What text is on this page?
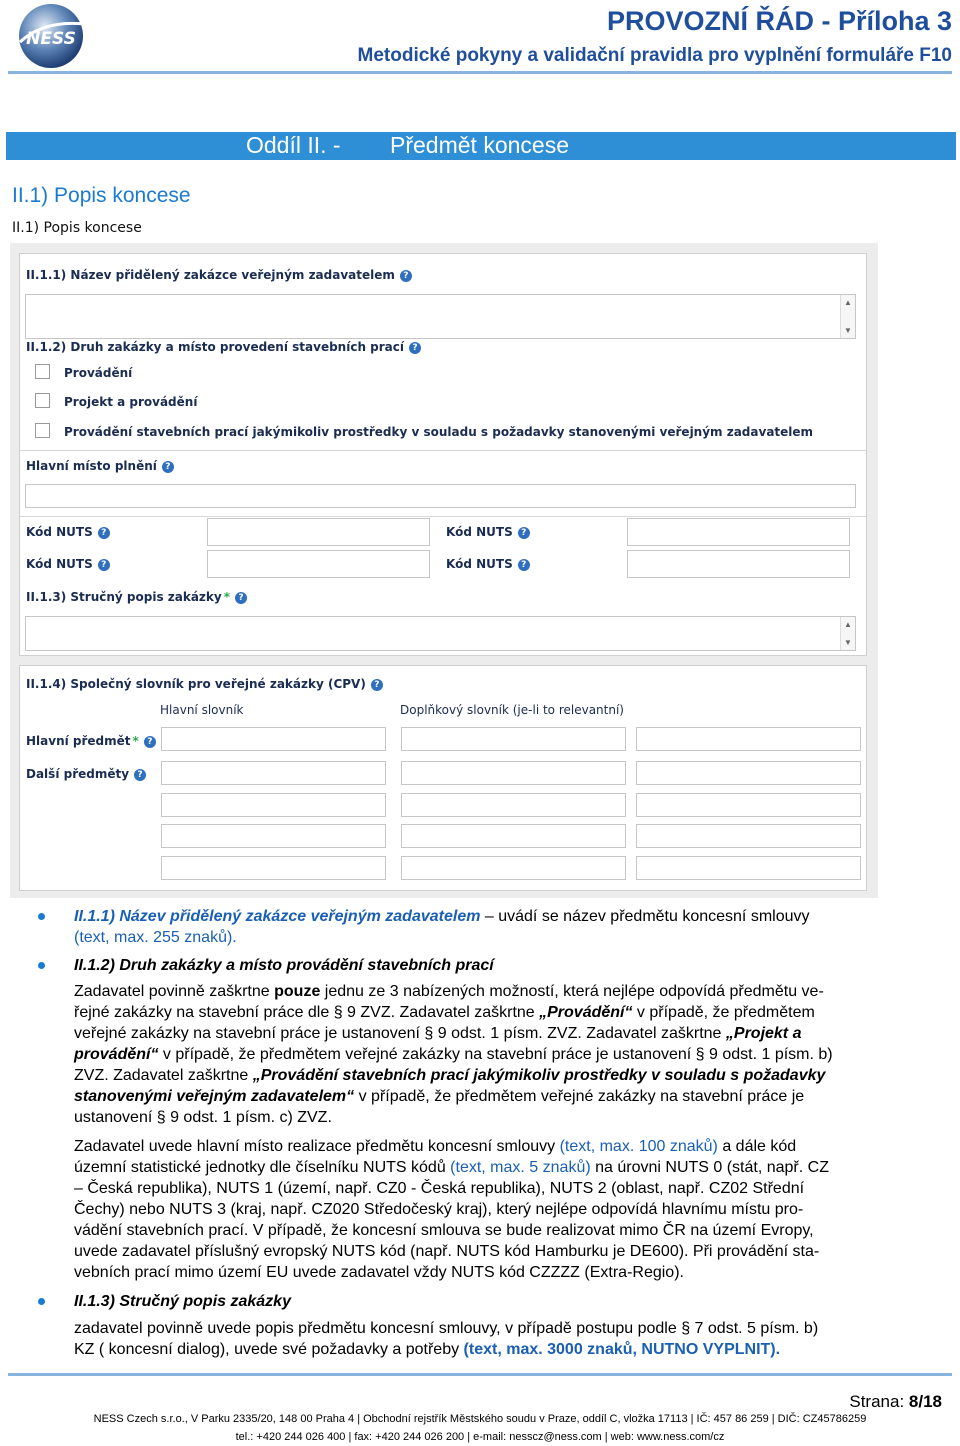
NESS
PROVOZNÍ ŘÁD - Příloha 3
Metodické pokyny a validační pravidla pro vyplnění formuláře F10
Oddíl II. - Předmět koncese
II.1) Popis koncese
II.1) Popis koncese
II.1.1) Název přidělený zakázce veřejným zadavatelem ?
▲
▼
II.1.2) Druh zakázky a místo provedení stavebních prací ?
Provádění
Projekt a provádění
Provádění stavebních prací jakýmikoliv prostředky v souladu s požadavky stanovenými veřejným zadavatelem
Hlavní místo plnění ?
Kód NUTS ?	Kód NUTS ?
Kód NUTS ?	Kód NUTS ?
II.1.3) Stručný popis zakázky * ?
▲
▼
II.1.4) Společný slovník pro veřejné zakázky (CPV) ?
Hlavní slovník	Doplňkový slovník (je-li to relevantní)
Hlavní předmět * ?
Další předměty ?
II.1.1) Název přidělený zakázce veřejným zadavatelem – uvádí se název předmětu koncesní smlouvy
(text, max. 255 znaků).
II.1.2) Druh zakázky a místo provádění stavebních prací
Zadavatel povinně zaškrtne pouze jednu ze 3 nabízených možností, která nejlépe odpovídá předmětu ve-
řejné zakázky na stavební práce dle § 9 ZVZ. Zadavatel zaškrtne „Provádění“ v případě, že předmětem
veřejné zakázky na stavební práce je ustanovení § 9 odst. 1 písm. ZVZ. Zadavatel zaškrtne „Projekt a
provádění“ v případě, že předmětem veřejné zakázky na stavební práce je ustanovení § 9 odst. 1 písm. b)
ZVZ. Zadavatel zaškrtne „Provádění stavebních prací jakýmikoliv prostředky v souladu s požadavky
stanovenými veřejným zadavatelem“ v případě, že předmětem veřejné zakázky na stavební práce je
ustanovení § 9 odst. 1 písm. c) ZVZ.
Zadavatel uvede hlavní místo realizace předmětu koncesní smlouvy (text, max. 100 znaků) a dále kód
územní statistické jednotky dle číselníku NUTS kódů (text, max. 5 znaků) na úrovni NUTS 0 (stát, např. CZ
– Česká republika), NUTS 1 (území, např. CZ0 - Česká republika), NUTS 2 (oblast, např. CZ02 Střední
Čechy) nebo NUTS 3 (kraj, např. CZ020 Středočeský kraj), který nejlépe odpovídá hlavnímu místu pro-
vádění stavebních prací. V případě, že koncesní smlouva se bude realizovat mimo ČR na území Evropy,
uvede zadavatel příslušný evropský NUTS kód (např. NUTS kód Hamburku je DE600). Při provádění sta-
vebních prací mimo území EU uvede zadavatel vždy NUTS kód CZZZZ (Extra-Regio).
II.1.3) Stručný popis zakázky
zadavatel povinně uvede popis předmětu koncesní smlouvy, v případě postupu podle § 7 odst. 5 písm. b)
KZ ( koncesní dialog), uvede své požadavky a potřeby (text, max. 3000 znaků, NUTNO VYPLNIT).
Strana: 8/18
NESS Czech s.r.o., V Parku 2335/20, 148 00 Praha 4 | Obchodní rejstřík Městského soudu v Praze, oddíl C, vložka 17113 | IČ: 457 86 259 | DIČ: CZ45786259
tel.: +420 244 026 400 | fax: +420 244 026 200 | e-mail: nesscz@ness.com | web: www.ness.com/cz
